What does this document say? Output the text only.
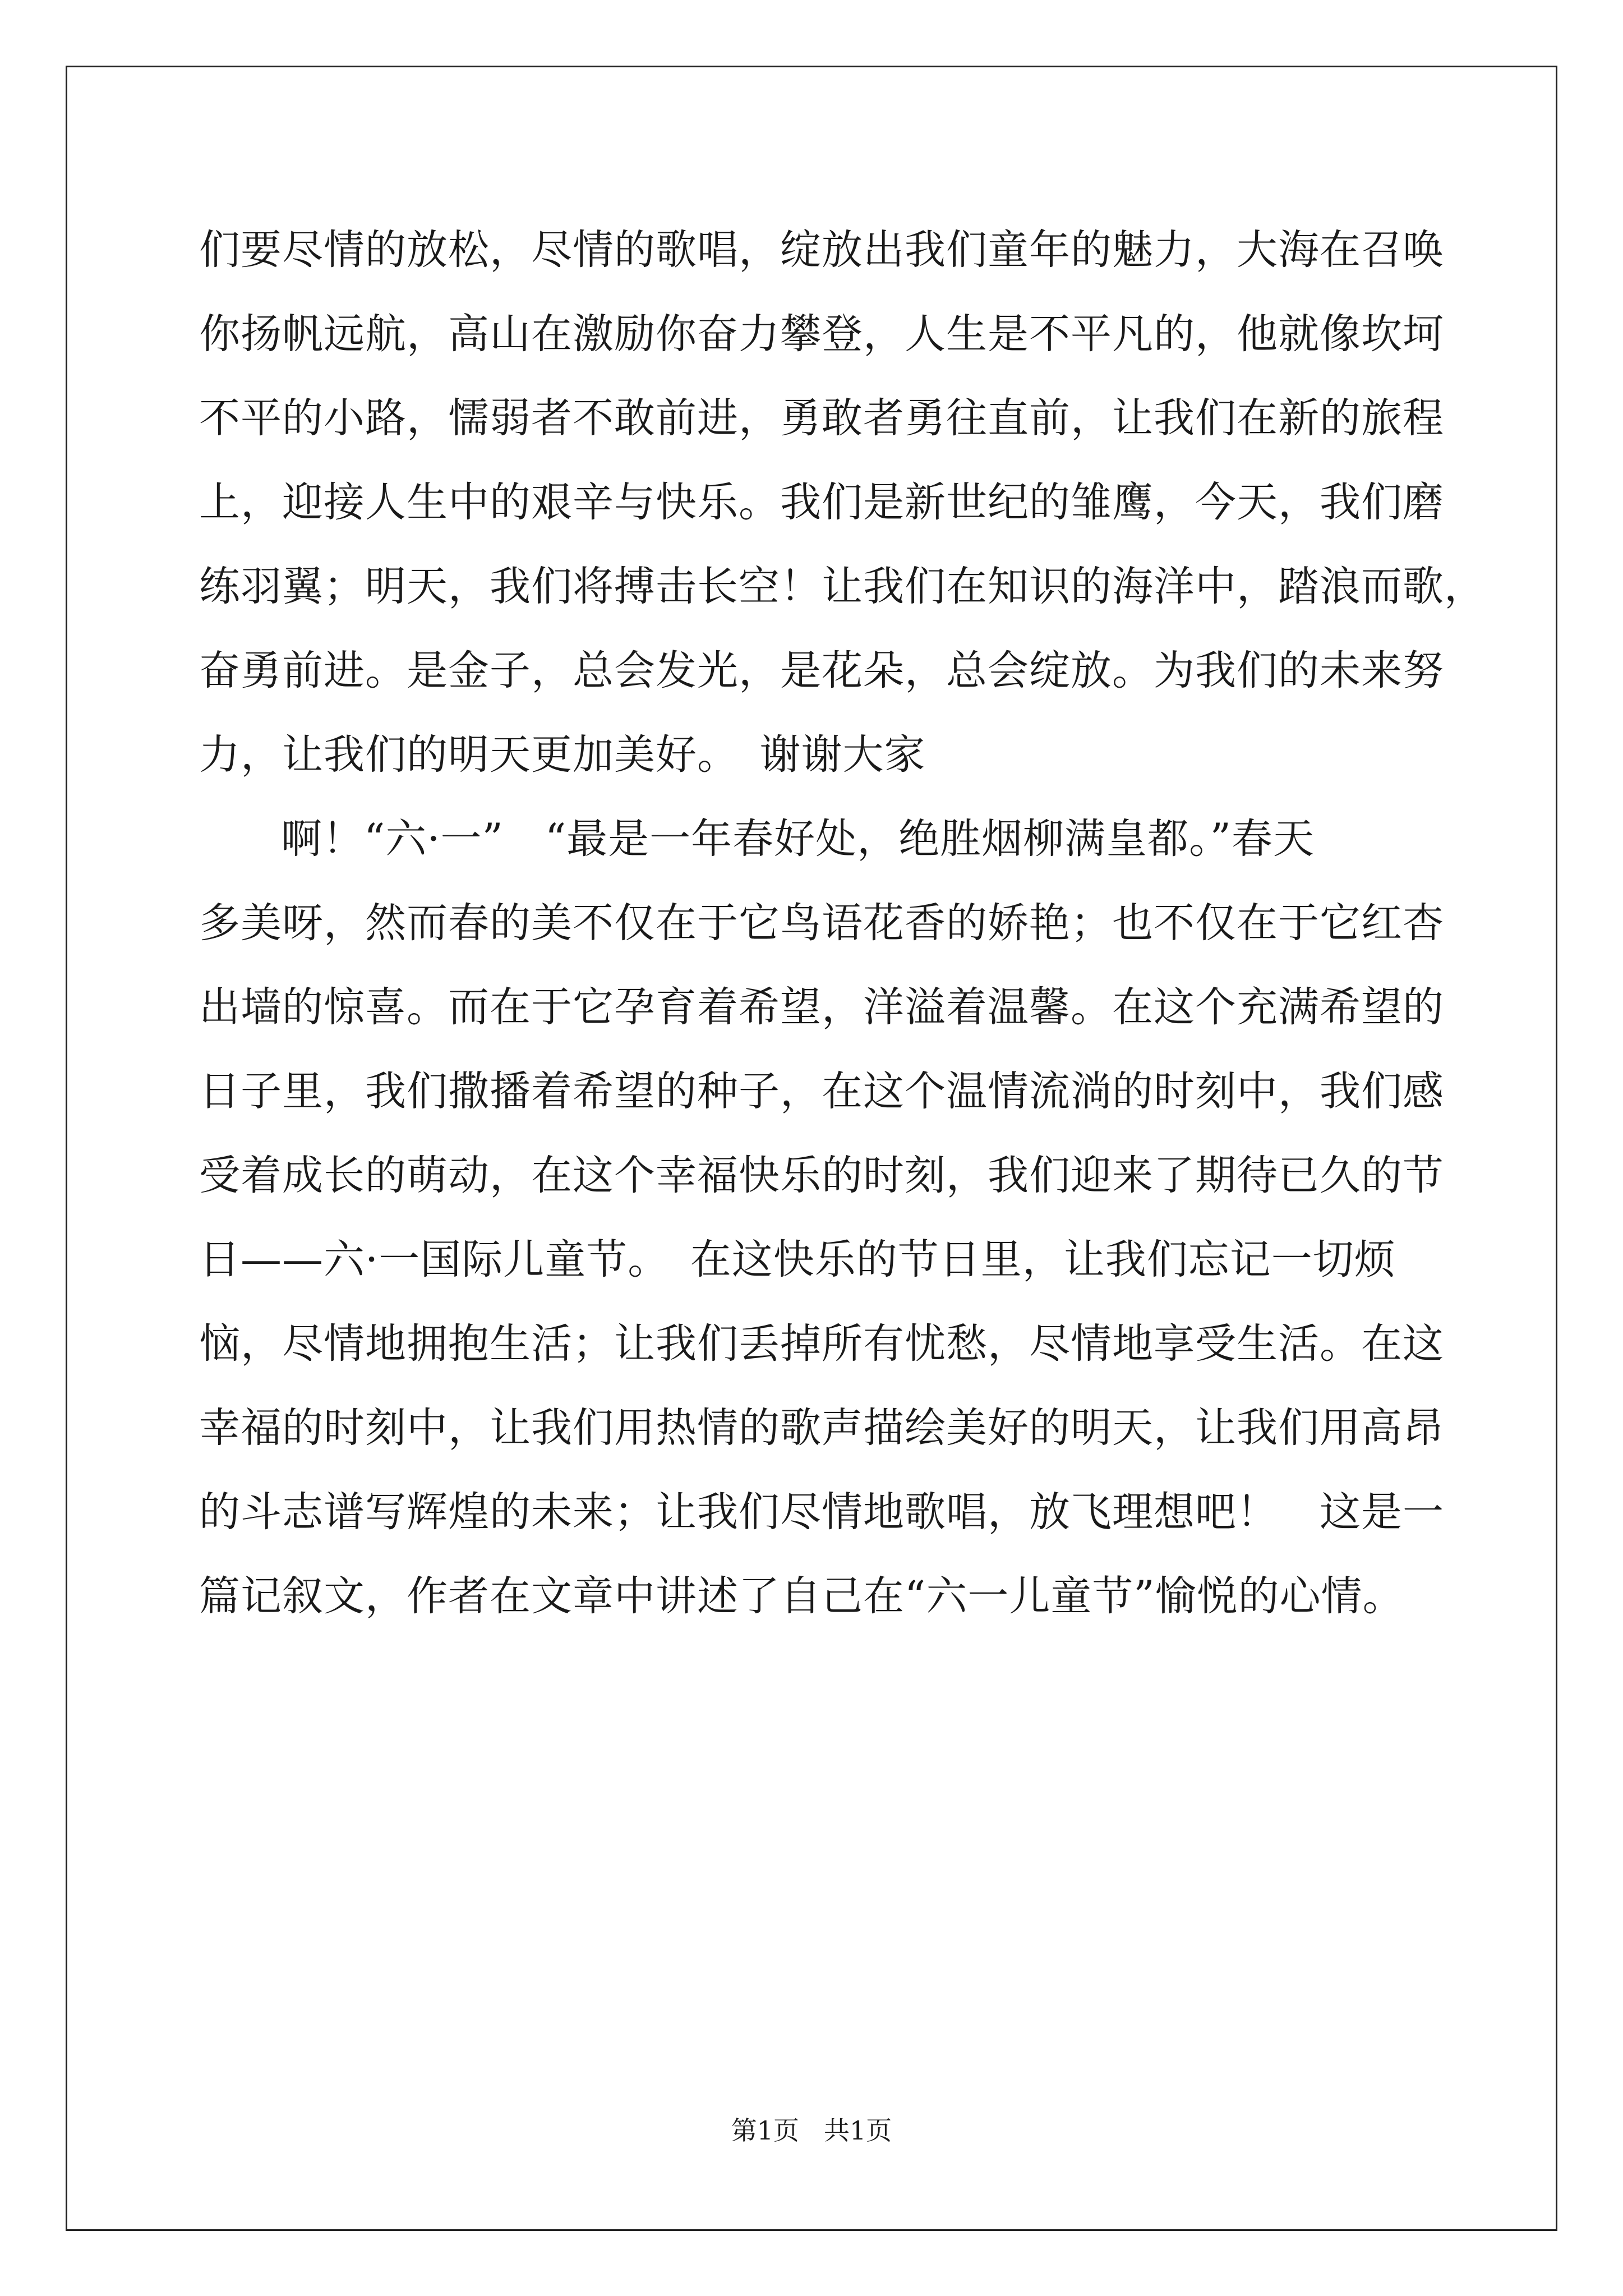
们要尽情的放松，尽情的歌唱，绽放出我们童年的魅力，大海在召唤
你扬帆远航，高山在激励你奋力攀登，人生是不平凡的，他就像坎坷
不平的小路，懦弱者不敢前进，勇敢者勇往直前，让我们在新的旅程
上，迎接人生中的艰辛与快乐。我们是新世纪的雏鹰，今天，我们磨
练羽翼；明天，我们将搏击长空！让我们在知识的海洋中，踏浪而歌，
奋勇前进。是金子，总会发光，是花朵，总会绽放。为我们的未来努
力，让我们的明天更加美好。　谢谢大家
啊！“六·一”　“最是一年春好处，绝胜烟柳满皇都。”春天
多美呀，然而春的美不仅在于它鸟语花香的娇艳；也不仅在于它红杏
出墙的惊喜。而在于它孕育着希望，洋溢着温馨。在这个充满希望的
日子里，我们撒播着希望的种子，在这个温情流淌的时刻中，我们感
受着成长的萌动，在这个幸福快乐的时刻，我们迎来了期待已久的节
日——六·一国际儿童节。　在这快乐的节日里，让我们忘记一切烦
恼，尽情地拥抱生活；让我们丢掉所有忧愁，尽情地享受生活。在这
幸福的时刻中，让我们用热情的歌声描绘美好的明天，让我们用高昂
的斗志谱写辉煌的未来；让我们尽情地歌唱，放飞理想吧！　这是一
篇记叙文，作者在文章中讲述了自己在“六一儿童节”愉悦的心情。
第1页 共1页
